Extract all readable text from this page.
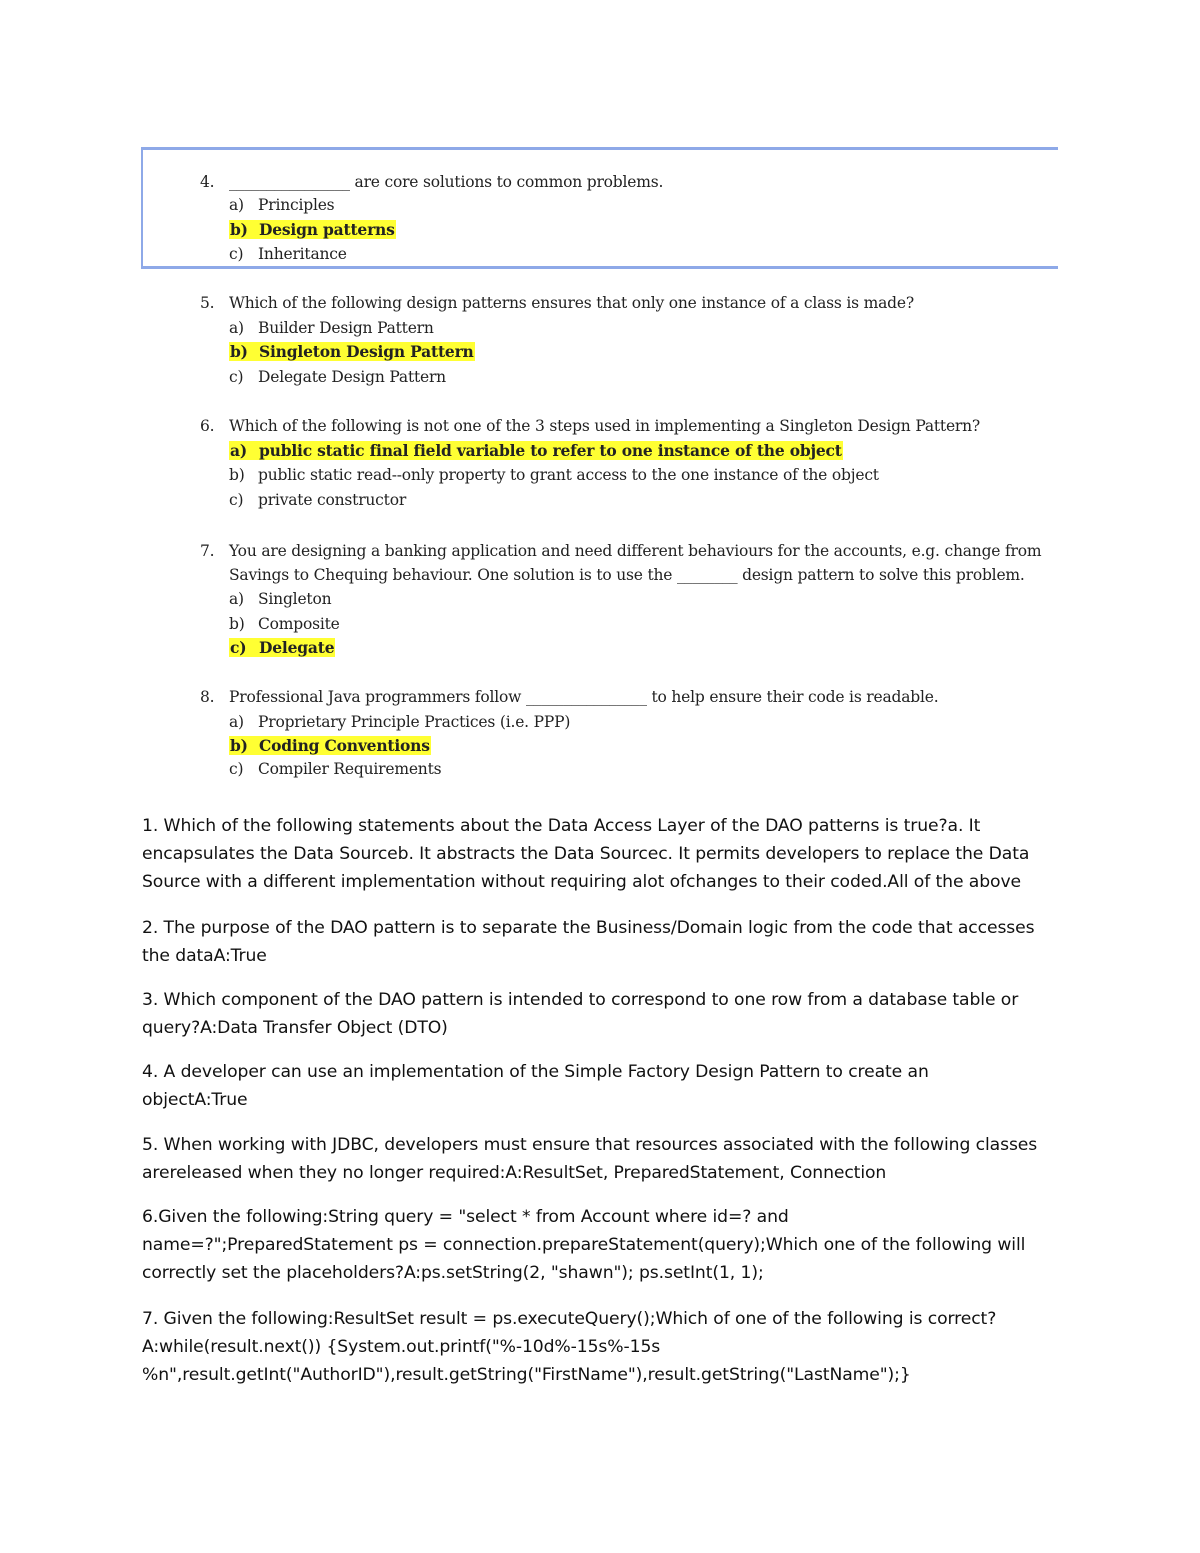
4. ________________ are core solutions to common problems.
a) Principles
b) Design patterns
c) Inheritance
5. Which of the following design patterns ensures that only one instance of a class is made?
a) Builder Design Pattern
b) Singleton Design Pattern
c) Delegate Design Pattern
6. Which of the following is not one of the 3 steps used in implementing a Singleton Design Pattern?
a) public static final field variable to refer to one instance of the object
b) public static read--only property to grant access to the one instance of the object
c) private constructor
7. You are designing a banking application and need different behaviours for the accounts, e.g. change from
Savings to Chequing behaviour. One solution is to use the ________ design pattern to solve this problem.
a) Singleton
b) Composite
c) Delegate
8. Professional Java programmers follow ________________ to help ensure their code is readable.
a) Proprietary Principle Practices (i.e. PPP)
b) Coding Conventions
c) Compiler Requirements
1. Which of the following statements about the Data Access Layer of the DAO patterns is true?a. It
encapsulates the Data Sourceb. It abstracts the Data Sourcec. It permits developers to replace the Data
Source with a different implementation without requiring alot ofchanges to their coded.All of the above
2. The purpose of the DAO pattern is to separate the Business/Domain logic from the code that accesses
the dataA:True
3. Which component of the DAO pattern is intended to correspond to one row from a database table or
query?A:Data Transfer Object (DTO)
4. A developer can use an implementation of the Simple Factory Design Pattern to create an
objectA:True
5. When working with JDBC, developers must ensure that resources associated with the following classes
arereleased when they no longer required:A:ResultSet, PreparedStatement, Connection
6.Given the following:String query = "select * from Account where id=? and
name=?";PreparedStatement ps = connection.prepareStatement(query);Which one of the following will
correctly set the placeholders?A:ps.setString(2, "shawn"); ps.setInt(1, 1);
7. Given the following:ResultSet result = ps.executeQuery();Which of one of the following is correct?
A:while(result.next()) {System.out.printf("%-10d%-15s%-15s
%n",result.getInt("AuthorID"),result.getString("FirstName"),result.getString("LastName");}
